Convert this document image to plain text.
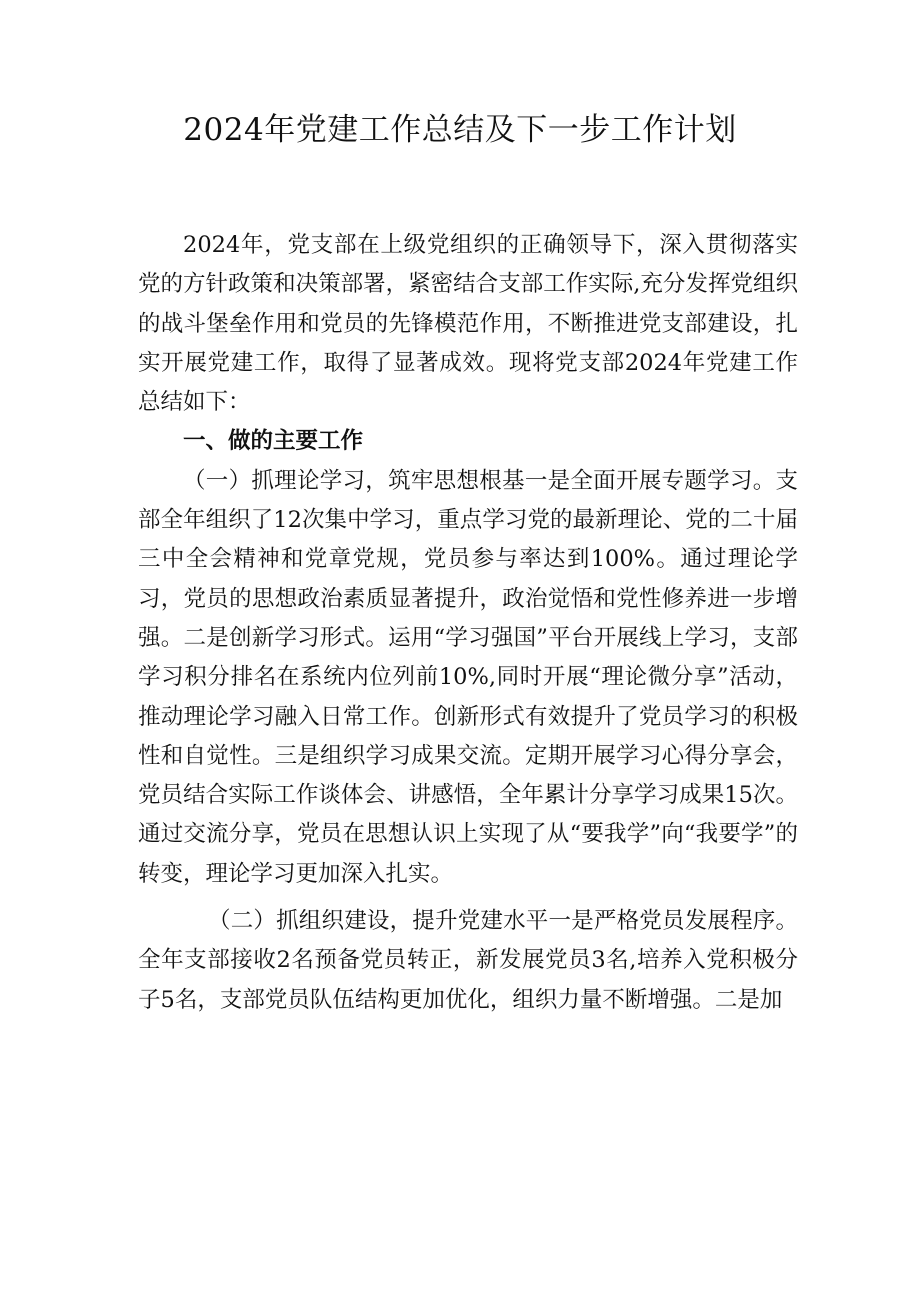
2024年党建工作总结及下一步工作计划

2024年，党支部在上级党组织的正确领导下，深入贯彻落实党的方针政策和决策部署，紧密结合支部工作实际,充分发挥党组织的战斗堡垒作用和党员的先锋模范作用，不断推进党支部建设，扎实开展党建工作，取得了显著成效。现将党支部2024年党建工作总结如下：

一、做的主要工作

（一）抓理论学习，筑牢思想根基一是全面开展专题学习。支部全年组织了12次集中学习，重点学习党的最新理论、党的二十届三中全会精神和党章党规，党员参与率达到100%。通过理论学习，党员的思想政治素质显著提升，政治觉悟和党性修养进一步增强。二是创新学习形式。运用“学习强国”平台开展线上学习，支部学习积分排名在系统内位列前10%,同时开展“理论微分享”活动，推动理论学习融入日常工作。创新形式有效提升了党员学习的积极性和自觉性。三是组织学习成果交流。定期开展学习心得分享会，党员结合实际工作谈体会、讲感悟，全年累计分享学习成果15次。通过交流分享，党员在思想认识上实现了从“要我学”向“我要学”的转变，理论学习更加深入扎实。

（二）抓组织建设，提升党建水平一是严格党员发展程序。全年支部接收2名预备党员转正，新发展党员3名,培养入党积极分子5名，支部党员队伍结构更加优化，组织力量不断增强。二是加
